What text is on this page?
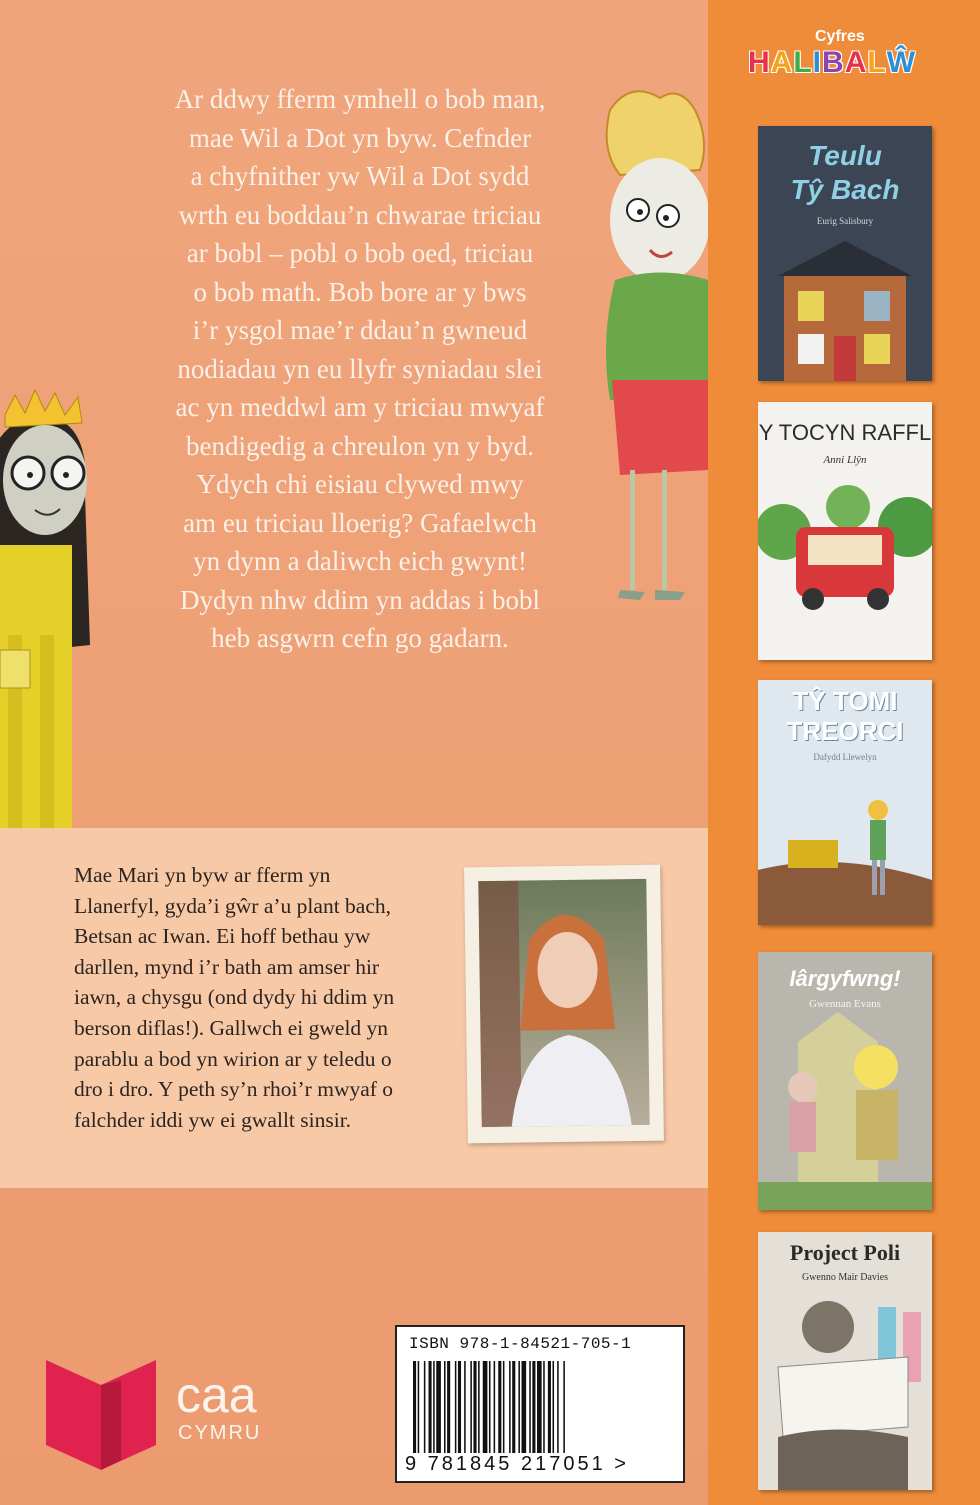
Ar ddwy fferm ymhell o bob man,
mae Wil a Dot yn byw. Cefnder
a chyfnither yw Wil a Dot sydd
wrth eu boddau’n chwarae triciau
ar bobl – pobl o bob oed, triciau
o bob math. Bob bore ar y bws
i’r ysgol mae’r ddau’n gwneud
nodiadau yn eu llyfr syniadau slei
ac yn meddwl am y triciau mwyaf
bendigedig a chreulon yn y byd.
Ydych chi eisiau clywed mwy
am eu triciau lloerig? Gafaelwch
yn dynn a daliwch eich gwynt!
Dydyn nhw ddim yn addas i bobl
heb asgwrn cefn go gadarn.
Mae Mari yn byw ar fferm yn
Llanerfyl, gyda’i gŵr a’u plant bach,
Betsan ac Iwan. Ei hoff bethau yw
darllen, mynd i’r bath am amser hir
iawn, a chysgu (ond dydy hi ddim yn
berson diflas!). Gallwch ei gweld yn
parablu a bod yn wirion ar y teledu o
dro i dro. Y peth sy’n rhoi’r mwyaf o
falchder iddi yw ei gwallt sinsir.
caa
CYMRU
ISBN 978-1-84521-705-1
9 781845 217051 >
Cyfres
HALIBALŴ
Teulu
Tŷ Bach
Eurig Salisbury
Y TOCYN RAFFL
Anni Llŷn
TŶ TOMI
TREORCI
Dafydd Llewelyn
Iârgyfwng!
Gwennan Evans
Project Poli
Gwenno Mair Davies
